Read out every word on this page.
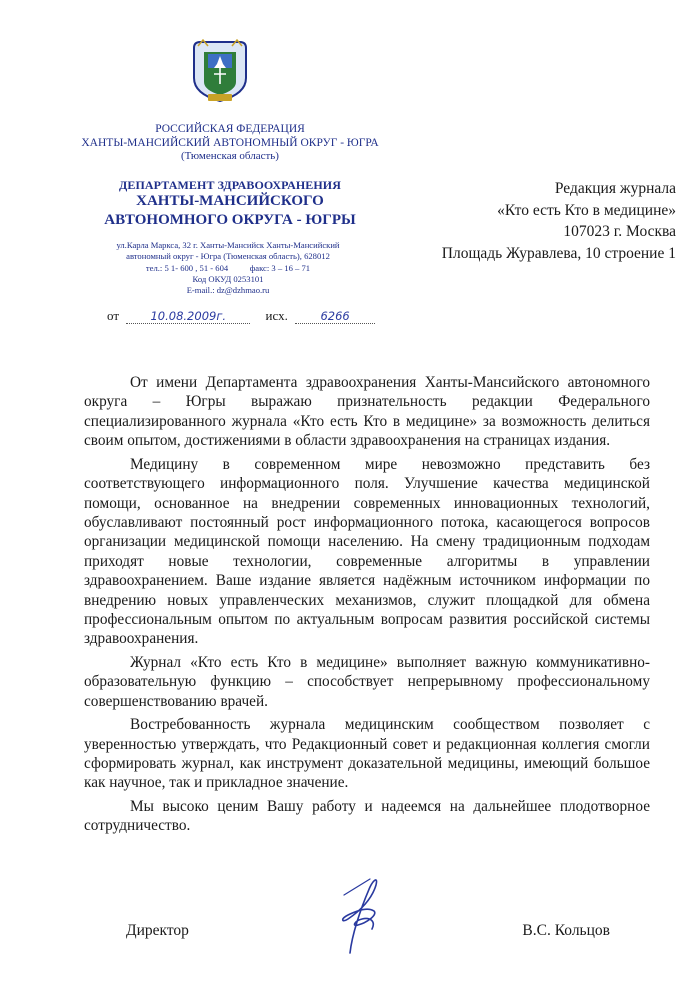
РОССИЙСКАЯ ФЕДЕРАЦИЯ
ХАНТЫ-МАНСИЙСКИЙ АВТОНОМНЫЙ ОКРУГ - ЮГРА
(Тюменская область)
ДЕПАРТАМЕНТ ЗДРАВООХРАНЕНИЯ
ХАНТЫ-МАНСИЙСКОГО
АВТОНОМНОГО ОКРУГА - ЮГРЫ
ул.Карла Маркса, 32 г. Ханты-Мансийск Ханты-Мансийский
автономный округ - Югра (Тюменская область), 628012
тел.: 5 1- 600 , 51 - 604 факс: 3 – 16 – 71
Код ОКУД 0253101
E-mail.: dz@dzhmao.ru
от	10.08.2009г.	исх.	6266
Редакция журнала
«Кто есть Кто в медицине»
107023 г. Москва
Площадь Журавлева, 10 строение 1

От имени Департамента здравоохранения Ханты-Мансийского автономного округа – Югры выражаю признательность редакции Федерального специализированного журнала «Кто есть Кто в медицине» за возможность делиться своим опытом, достижениями в области здравоохранения на страницах издания.

Медицину в современном мире невозможно представить без соответствующего информационного поля. Улучшение качества медицинской помощи, основанное на внедрении современных инновационных технологий, обуславливают постоянный рост информационного потока, касающегося вопросов организации медицинской помощи населению. На смену традиционным подходам приходят новые технологии, современные алгоритмы в управлении здравоохранением. Ваше издание является надёжным источником информации по внедрению новых управленческих механизмов, служит площадкой для обмена профессиональным опытом по актуальным вопросам развития российской системы здравоохранения.

Журнал «Кто есть Кто в медицине» выполняет важную коммуникативно-образовательную функцию – способствует непрерывному профессиональному совершенствованию врачей.

Востребованность журнала медицинским сообществом позволяет с уверенностью утверждать, что Редакционный совет и редакционная коллегия смогли сформировать журнал, как инструмент доказательной медицины, имеющий большое как научное, так и прикладное значение.

Мы высоко ценим Вашу работу и надеемся на дальнейшее плодотворное сотрудничество.

Директор	В.С. Кольцов
